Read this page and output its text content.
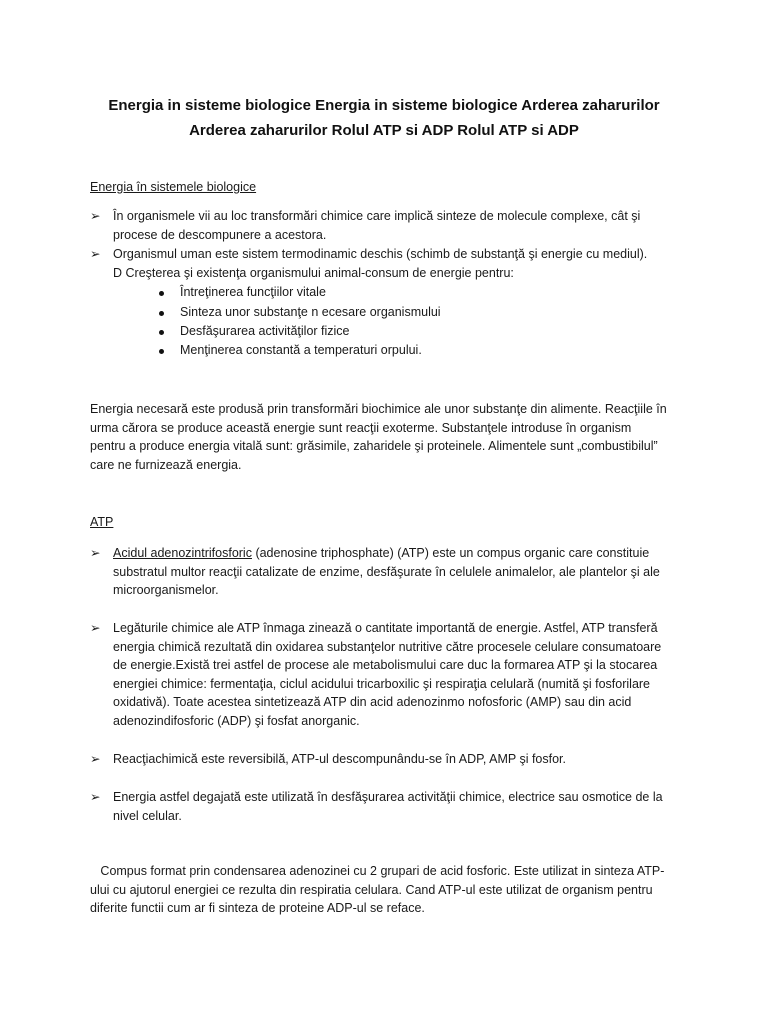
Energia in sisteme biologice Energia in sisteme biologice Arderea zaharurilor
Arderea zaharurilor Rolul ATP si ADP Rolul ATP si ADP
Energia în sistemele biologice
➢ În organismele vii au loc transformări chimice care implică sinteze de molecule complexe, cât şi
procese de descompunere a acestora.
➢ Organismul uman este sistem termodinamic deschis (schimb de substanţă şi energie cu mediul).
D Creşterea şi existenţa organismului animal-consum de energie pentru:
Întreţinerea funcţiilor vitale
Sinteza unor substanţe n ecesare organismului
Desfăşurarea activităţilor fizice
Menţinerea constantă a temperaturi orpului.
Energia necesară este produsă prin transformări biochimice ale unor substanţe din alimente. Reacţiile în
urma cărora se produce această energie sunt reacţii exoterme. Substanţele introduse în organism
pentru a produce energia vitală sunt: grăsimile, zaharidele şi proteinele. Alimentele sunt „combustibilul”
care ne furnizează energia.
ATP
➢ Acidul adenozintrifosforic (adenosine triphosphate) (ATP) este un compus organic care constituie
substratul multor reacţii catalizate de enzime, desfăşurate în celulele animalelor, ale plantelor şi ale
microorganismelor.
➢ Legăturile chimice ale ATP înmaga zinează o cantitate importantă de energie. Astfel, ATP transferă
energia chimică rezultată din oxidarea substanţelor nutritive către procesele celulare consumatoare
de energie.Există trei astfel de procese ale metabolismului care duc la formarea ATP şi la stocarea
energiei chimice: fermentaţia, ciclul acidului tricarboxilic şi respiraţia celulară (numită şi fosforilare
oxidativă). Toate acestea sintetizează ATP din acid adenozinmo nofosforic (AMP) sau din acid
adenozindifosforic (ADP) şi fosfat anorganic.
➢ Reacţiachimică este reversibilă, ATP-ul descompunându-se în ADP, AMP şi fosfor.
➢ Energia astfel degajată este utilizată în desfăşurarea activităţii chimice, electrice sau osmotice de la
nivel celular.
Compus format prin condensarea adenozinei cu 2 grupari de acid fosforic. Este utilizat in sinteza ATP-
ului cu ajutorul energiei ce rezulta din respiratia celulara. Cand ATP-ul este utilizat de organism pentru
diferite functii cum ar fi sinteza de proteine ADP-ul se reface.
